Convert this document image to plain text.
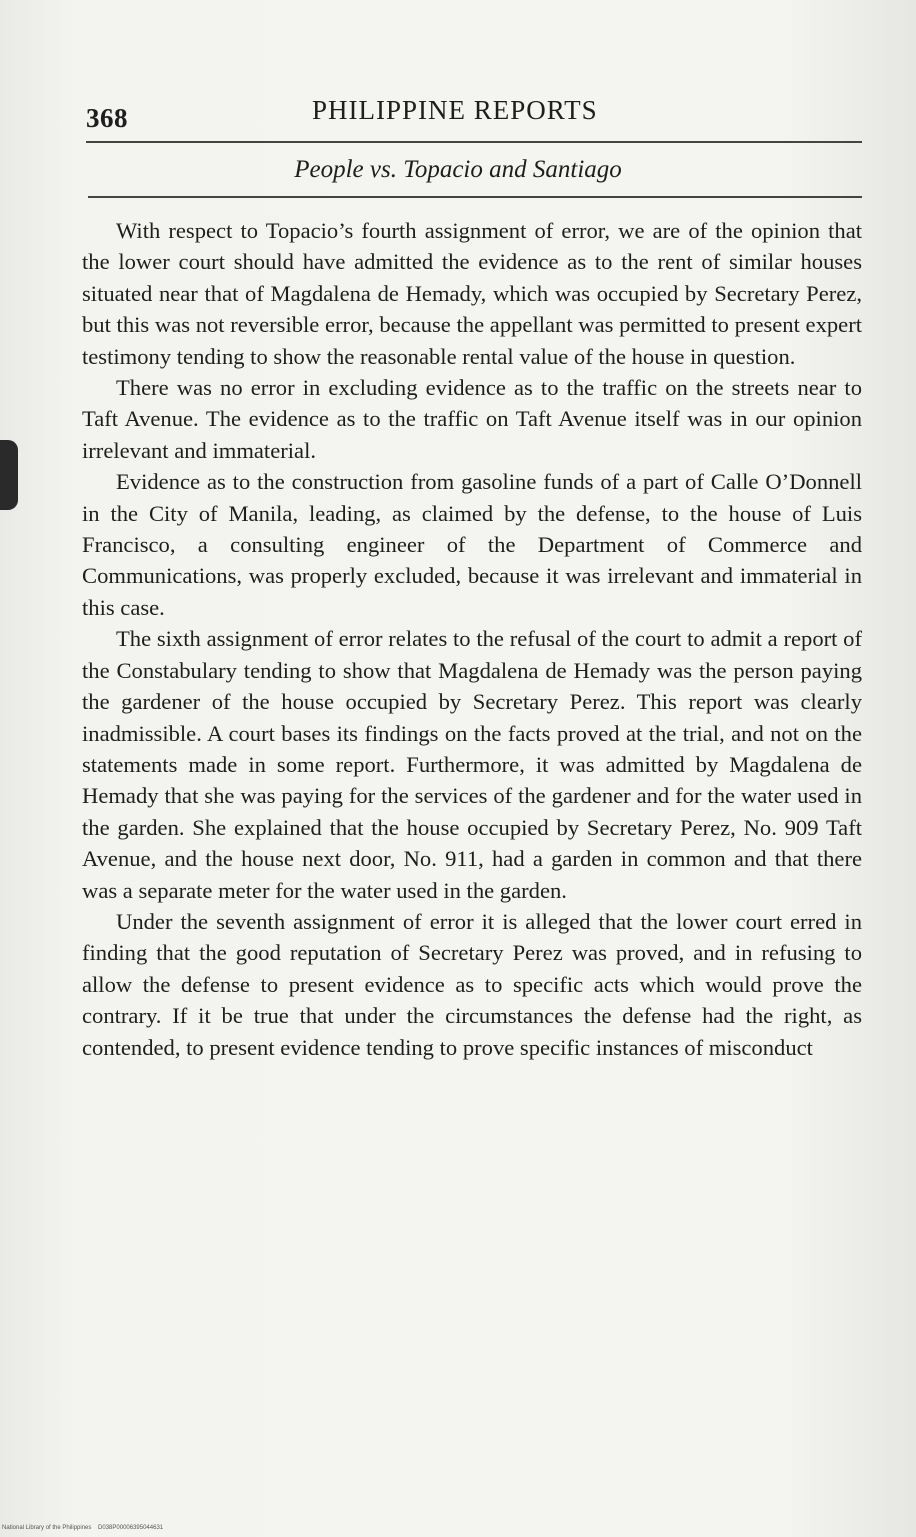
368	PHILIPPINE REPORTS
People vs. Topacio and Santiago

With respect to Topacio’s fourth assignment of error, we are of the opinion that the lower court should have admitted the evidence as to the rent of similar houses situated near that of Magdalena de Hemady, which was occupied by Secretary Perez, but this was not reversible error, because the appellant was permitted to present expert testimony tending to show the reasonable rental value of the house in question.

There was no error in excluding evidence as to the traffic on the streets near to Taft Avenue. The evidence as to the traffic on Taft Avenue itself was in our opinion irrelevant and immaterial.

Evidence as to the construction from gasoline funds of a part of Calle O’Donnell in the City of Manila, leading, as claimed by the defense, to the house of Luis Francisco, a consulting engineer of the Department of Commerce and Communications, was properly excluded, because it was irrelevant and immaterial in this case.

The sixth assignment of error relates to the refusal of the court to admit a report of the Constabulary tending to show that Magdalena de Hemady was the person paying the gardener of the house occupied by Secretary Perez. This report was clearly inadmissible. A court bases its findings on the facts proved at the trial, and not on the statements made in some report. Furthermore, it was admitted by Magdalena de Hemady that she was paying for the services of the gardener and for the water used in the garden. She explained that the house occupied by Secretary Perez, No. 909 Taft Avenue, and the house next door, No. 911, had a garden in common and that there was a separate meter for the water used in the garden.

Under the seventh assignment of error it is alleged that the lower court erred in finding that the good reputation of Secretary Perez was proved, and in refusing to allow the defense to present evidence as to specific acts which would prove the contrary. If it be true that under the circumstances the defense had the right, as contended, to present evidence tending to prove specific instances of misconduct

National Library of the Philippines    D038P00006395044631
